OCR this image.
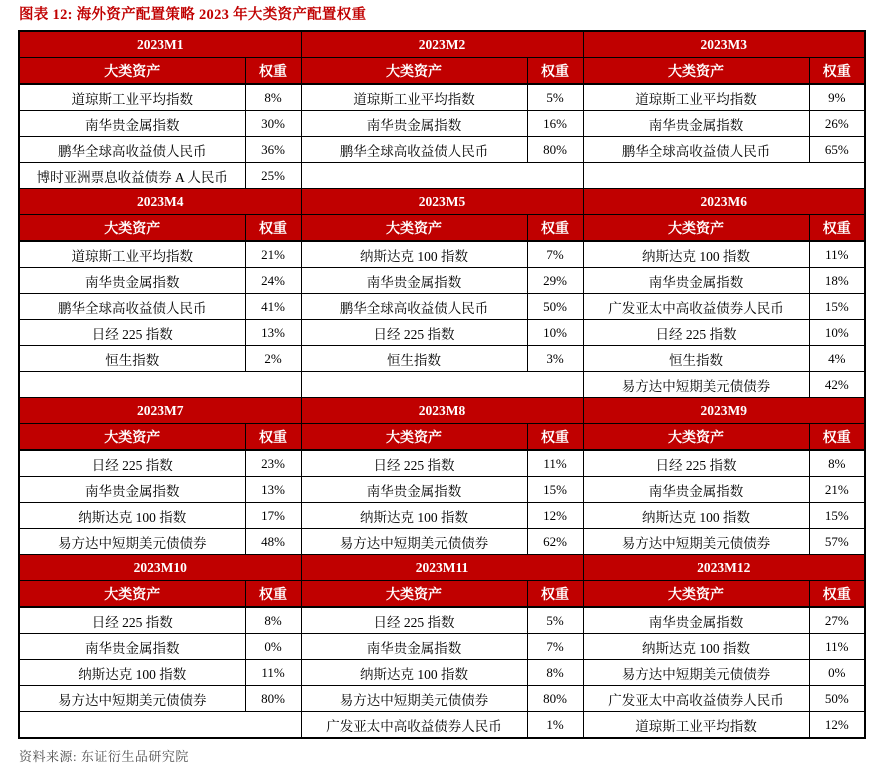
图表 12: 海外资产配置策略 2023 年大类资产配置权重
2023M1		2023M2		2023M3	
大类资产	权重	大类资产	权重	大类资产	权重
道琼斯工业平均指数	8%	道琼斯工业平均指数	5%	道琼斯工业平均指数	9%
南华贵金属指数	30%	南华贵金属指数	16%	南华贵金属指数	26%
鹏华全球高收益债人民币	36%	鹏华全球高收益债人民币	80%	鹏华全球高收益债人民币	65%
博时亚洲票息收益债券 A 人民币	25%				
2023M4		2023M5		2023M6	
大类资产	权重	大类资产	权重	大类资产	权重
道琼斯工业平均指数	21%	纳斯达克 100 指数	7%	纳斯达克 100 指数	11%
南华贵金属指数	24%	南华贵金属指数	29%	南华贵金属指数	18%
鹏华全球高收益债人民币	41%	鹏华全球高收益债人民币	50%	广发亚太中高收益债券人民币	15%
日经 225 指数	13%	日经 225 指数	10%	日经 225 指数	10%
恒生指数	2%	恒生指数	3%	恒生指数	4%
				易方达中短期美元债债券	42%
2023M7		2023M8		2023M9	
大类资产	权重	大类资产	权重	大类资产	权重
日经 225 指数	23%	日经 225 指数	11%	日经 225 指数	8%
南华贵金属指数	13%	南华贵金属指数	15%	南华贵金属指数	21%
纳斯达克 100 指数	17%	纳斯达克 100 指数	12%	纳斯达克 100 指数	15%
易方达中短期美元债债券	48%	易方达中短期美元债债券	62%	易方达中短期美元债债券	57%
2023M10		2023M11		2023M12	
大类资产	权重	大类资产	权重	大类资产	权重
日经 225 指数	8%	日经 225 指数	5%	南华贵金属指数	27%
南华贵金属指数	0%	南华贵金属指数	7%	纳斯达克 100 指数	11%
纳斯达克 100 指数	11%	纳斯达克 100 指数	8%	易方达中短期美元债债券	0%
易方达中短期美元债债券	80%	易方达中短期美元债债券	80%	广发亚太中高收益债券人民币	50%
		广发亚太中高收益债券人民币	1%	道琼斯工业平均指数	12%
资料来源: 东证衍生品研究院
